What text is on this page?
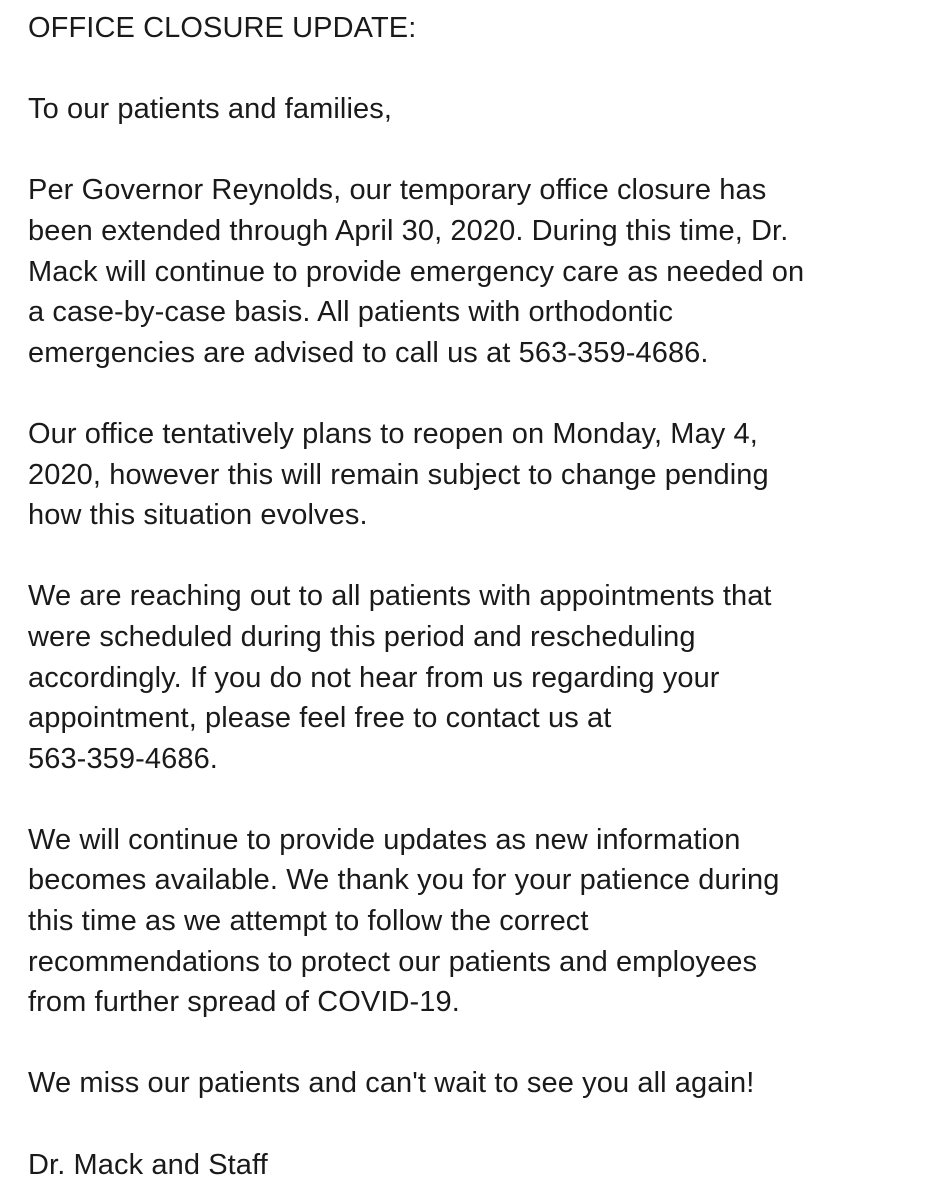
OFFICE CLOSURE UPDATE:

To our patients and families,

Per Governor Reynolds, our temporary office closure has
been extended through April 30, 2020. During this time, Dr.
Mack will continue to provide emergency care as needed on
a case-by-case basis. All patients with orthodontic
emergencies are advised to call us at 563-359-4686.

Our office tentatively plans to reopen on Monday, May 4,
2020, however this will remain subject to change pending
how this situation evolves.

We are reaching out to all patients with appointments that
were scheduled during this period and rescheduling
accordingly. If you do not hear from us regarding your
appointment, please feel free to contact us at
563-359-4686.

We will continue to provide updates as new information
becomes available. We thank you for your patience during
this time as we attempt to follow the correct
recommendations to protect our patients and employees
from further spread of COVID-19.

We miss our patients and can't wait to see you all again!

Dr. Mack and Staff
